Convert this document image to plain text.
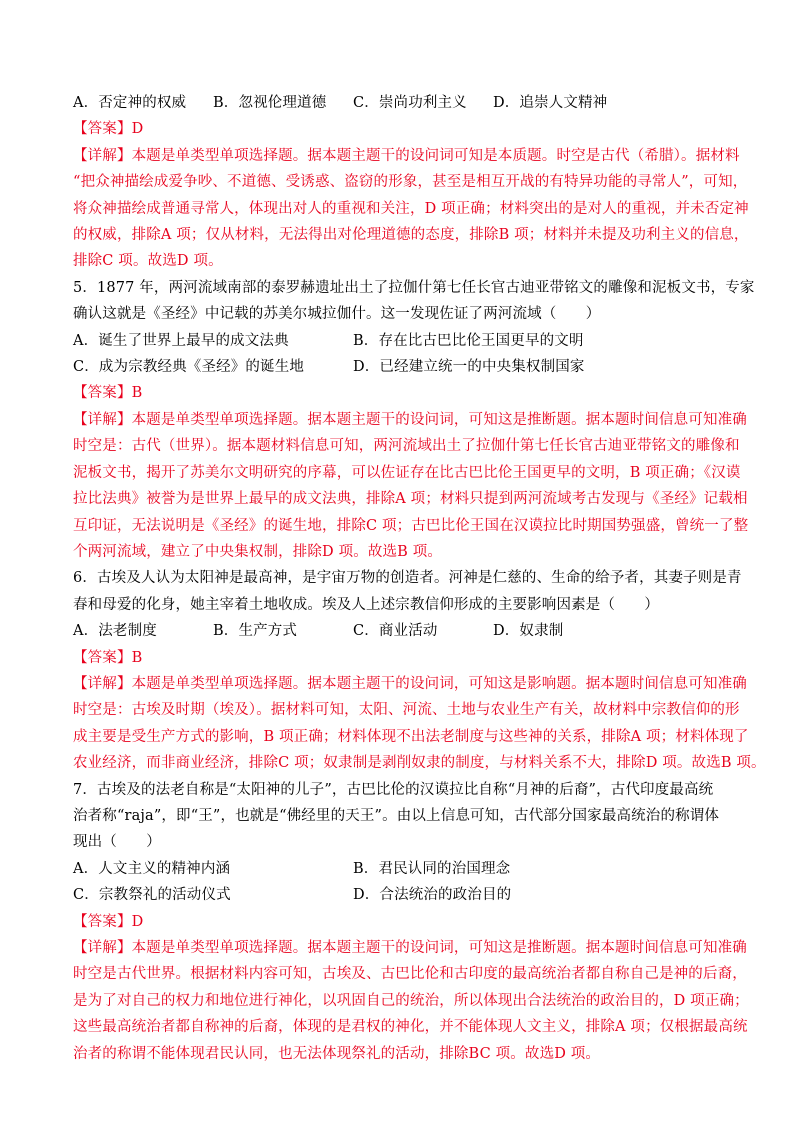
A．否定神的权威	B．忽视伦理道德	C．崇尚功利主义	D．追崇人文精神
【答案】D
【详解】本题是单类型单项选择题。据本题主题干的设问词可知是本质题。时空是古代（希腊）。据材料
“把众神描绘成爱争吵、不道德、受诱惑、盗窃的形象，甚至是相互开战的有特异功能的寻常人”，可知，
将众神描绘成普通寻常人，体现出对人的重视和关注，D 项正确；材料突出的是对人的重视，并未否定神
的权威，排除A 项；仅从材料，无法得出对伦理道德的态度，排除B 项；材料并未提及功利主义的信息，
排除C 项。故选D 项。
5．1877 年，两河流域南部的泰罗赫遗址出土了拉伽什第七任长官古迪亚带铭文的雕像和泥板文书，专家
确认这就是《圣经》中记载的苏美尔城拉伽什。这一发现佐证了两河流域（　　）
A．诞生了世界上最早的成文法典	B．存在比古巴比伦王国更早的文明
C．成为宗教经典《圣经》的诞生地	D．已经建立统一的中央集权制国家
【答案】B
【详解】本题是单类型单项选择题。据本题主题干的设问词，可知这是推断题。据本题时间信息可知准确
时空是：古代（世界）。据本题材料信息可知，两河流域出土了拉伽什第七任长官古迪亚带铭文的雕像和
泥板文书，揭开了苏美尔文明研究的序幕，可以佐证存在比古巴比伦王国更早的文明，B 项正确；《汉谟
拉比法典》被誉为是世界上最早的成文法典，排除A 项；材料只提到两河流域考古发现与《圣经》记载相
互印证，无法说明是《圣经》的诞生地，排除C 项；古巴比伦王国在汉谟拉比时期国势强盛，曾统一了整
个两河流域，建立了中央集权制，排除D 项。故选B 项。
6．古埃及人认为太阳神是最高神，是宇宙万物的创造者。河神是仁慈的、生命的给予者，其妻子则是青
春和母爱的化身，她主宰着土地收成。埃及人上述宗教信仰形成的主要影响因素是（　　）
A．法老制度	B．生产方式	C．商业活动	D．奴隶制
【答案】B
【详解】本题是单类型单项选择题。据本题主题干的设问词，可知这是影响题。据本题时间信息可知准确
时空是：古埃及时期（埃及）。据材料可知，太阳、河流、土地与农业生产有关，故材料中宗教信仰的形
成主要是受生产方式的影响，B 项正确；材料体现不出法老制度与这些神的关系，排除A 项；材料体现了
农业经济，而非商业经济，排除C 项；奴隶制是剥削奴隶的制度，与材料关系不大，排除D 项。故选B 项。
7．古埃及的法老自称是“太阳神的儿子”，古巴比伦的汉谟拉比自称“月神的后裔”，古代印度最高统
治者称“raja”，即“王”，也就是“佛经里的天王”。由以上信息可知，古代部分国家最高统治的称谓体
现出（　　）
A．人文主义的精神内涵	B．君民认同的治国理念
C．宗教祭礼的活动仪式	D．合法统治的政治目的
【答案】D
【详解】本题是单类型单项选择题。据本题主题干的设问词，可知这是推断题。据本题时间信息可知准确
时空是古代世界。根据材料内容可知，古埃及、古巴比伦和古印度的最高统治者都自称自己是神的后裔，
是为了对自己的权力和地位进行神化，以巩固自己的统治，所以体现出合法统治的政治目的，D 项正确；
这些最高统治者都自称神的后裔，体现的是君权的神化，并不能体现人文主义，排除A 项；仅根据最高统
治者的称谓不能体现君民认同，也无法体现祭礼的活动，排除BC 项。故选D 项。
